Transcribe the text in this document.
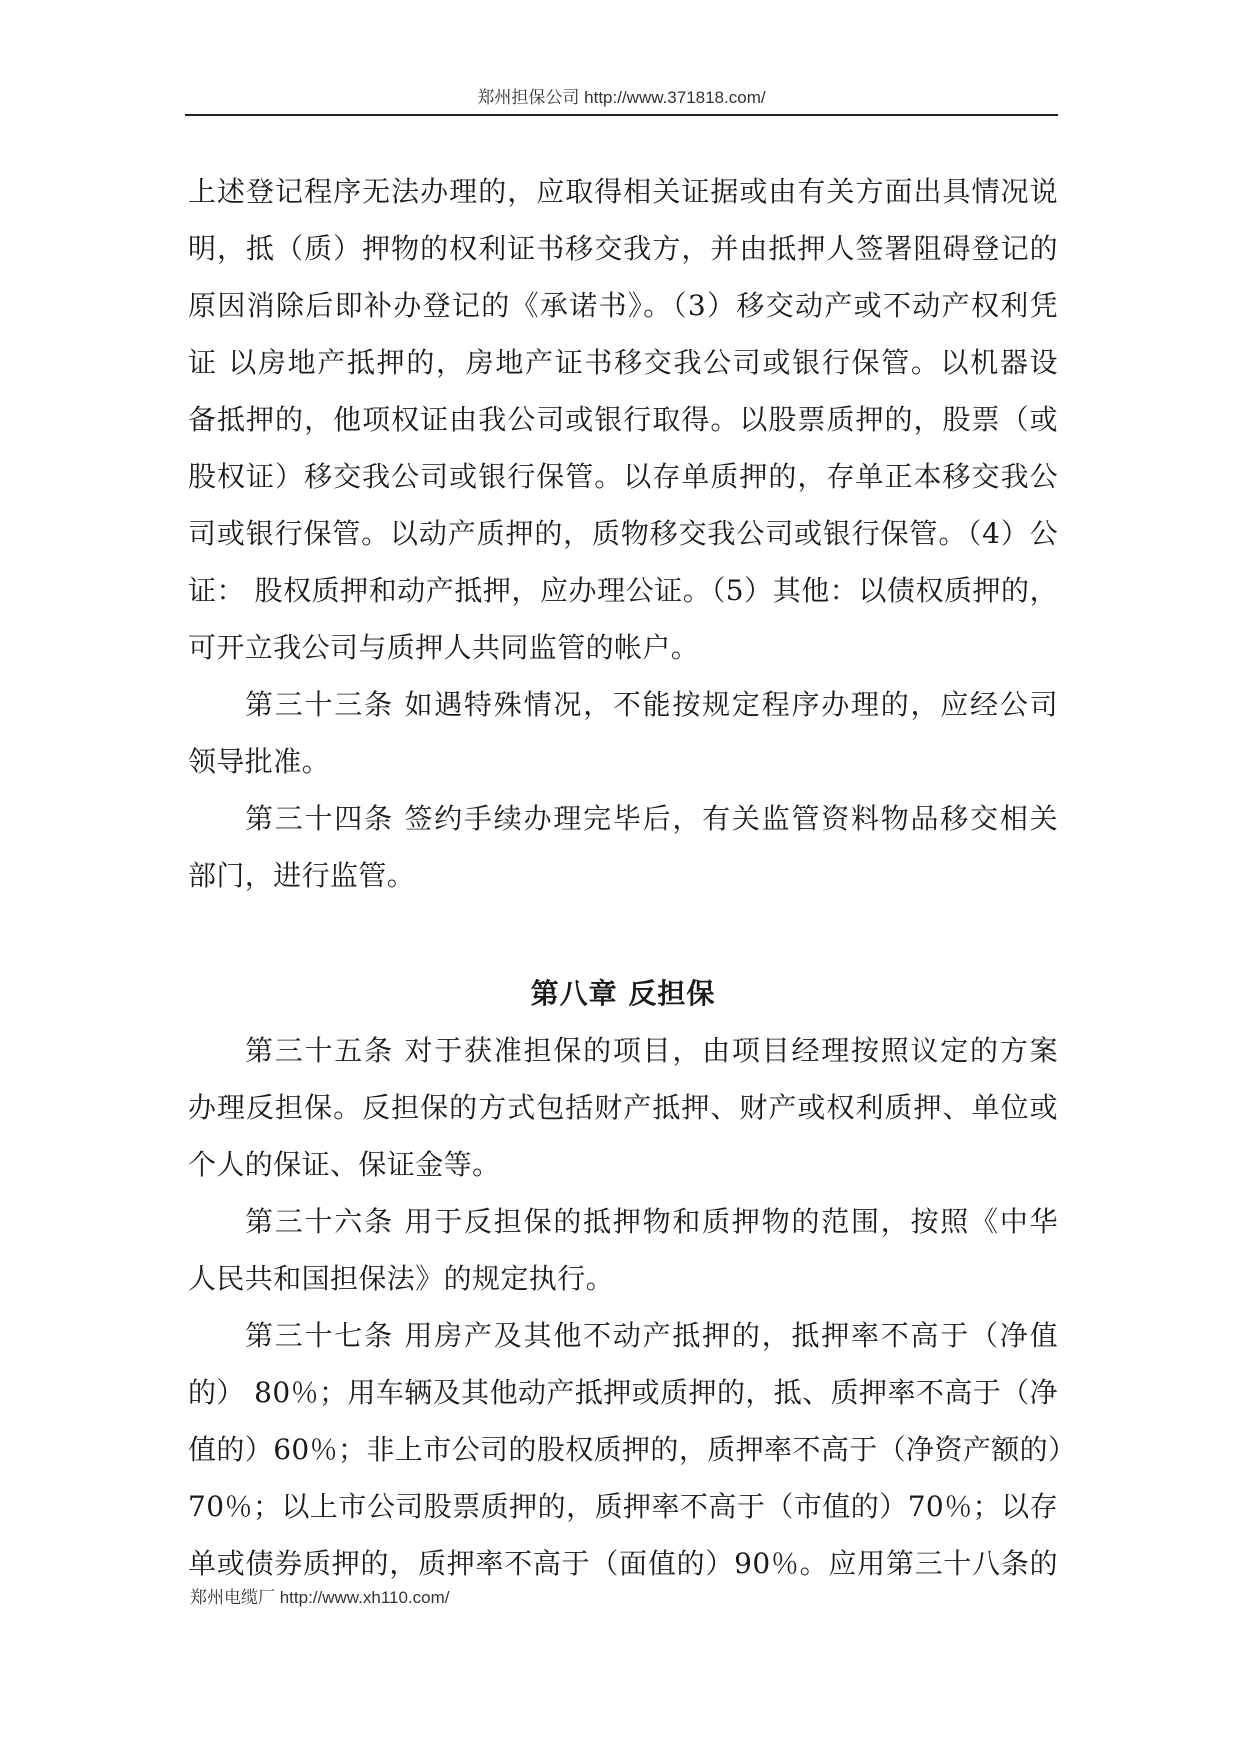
郑州担保公司 http://www.371818.com/
上述登记程序无法办理的，应取得相关证据或由有关方面出具情况说
明，抵（质）押物的权利证书移交我方，并由抵押人签署阻碍登记的
原因消除后即补办登记的《承诺书》。（3）移交动产或不动产权利凭
证 以房地产抵押的，房地产证书移交我公司或银行保管。以机器设
备抵押的，他项权证由我公司或银行取得。以股票质押的，股票（或
股权证）移交我公司或银行保管。以存单质押的，存单正本移交我公
司或银行保管。以动产质押的，质物移交我公司或银行保管。（4）公
证： 股权质押和动产抵押，应办理公证。（5）其他：以债权质押的，
可开立我公司与质押人共同监管的帐户。
第三十三条 如遇特殊情况，不能按规定程序办理的，应经公司
领导批准。
第三十四条 签约手续办理完毕后，有关监管资料物品移交相关
部门，进行监管。
第八章 反担保
第三十五条 对于获准担保的项目，由项目经理按照议定的方案
办理反担保。反担保的方式包括财产抵押、财产或权利质押、单位或
个人的保证、保证金等。
第三十六条 用于反担保的抵押物和质押物的范围，按照《中华
人民共和国担保法》的规定执行。
第三十七条 用房产及其他不动产抵押的，抵押率不高于（净值
的） 80％；用车辆及其他动产抵押或质押的，抵、质押率不高于（净
值的）60％；非上市公司的股权质押的，质押率不高于（净资产额的）
70％；以上市公司股票质押的，质押率不高于（市值的）70％；以存
单或债券质押的，质押率不高于（面值的）90％。应用第三十八条的
郑州电缆厂 http://www.xh110.com/
